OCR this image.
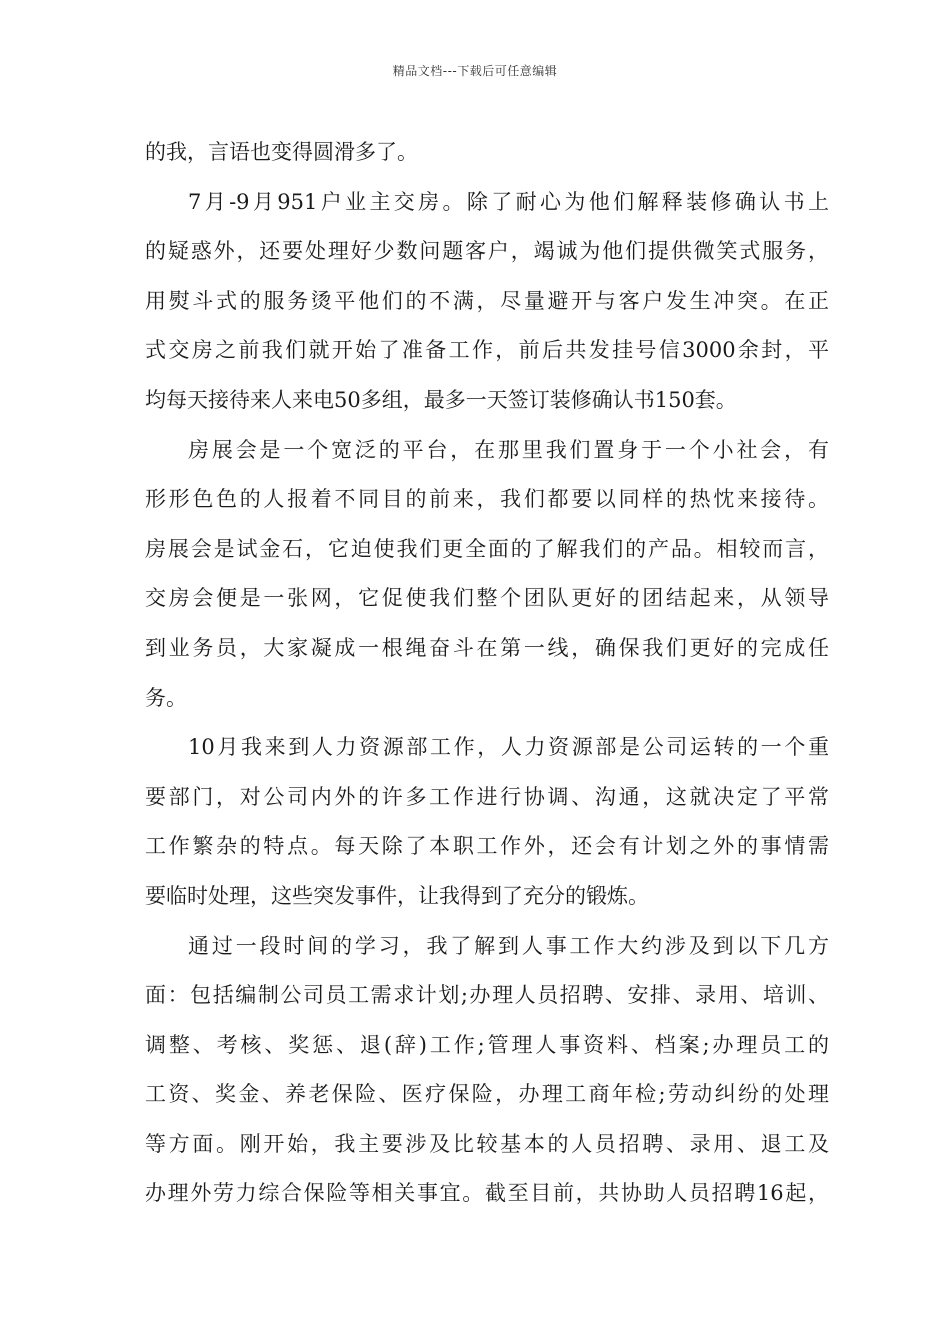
精品文档---下载后可任意编辑
的我，言语也变得圆滑多了。
7月-9月951户业主交房。除了耐心为他们解释装修确认书上
的疑惑外，还要处理好少数问题客户，竭诚为他们提供微笑式服务，
用熨斗式的服务烫平他们的不满，尽量避开与客户发生冲突。在正
式交房之前我们就开始了准备工作，前后共发挂号信3000余封，平
均每天接待来人来电50多组，最多一天签订装修确认书150套。
房展会是一个宽泛的平台，在那里我们置身于一个小社会，有
形形色色的人报着不同目的前来，我们都要以同样的热忱来接待。
房展会是试金石，它迫使我们更全面的了解我们的产品。相较而言，
交房会便是一张网，它促使我们整个团队更好的团结起来，从领导
到业务员，大家凝成一根绳奋斗在第一线，确保我们更好的完成任
务。
10月我来到人力资源部工作，人力资源部是公司运转的一个重
要部门，对公司内外的许多工作进行协调、沟通，这就决定了平常
工作繁杂的特点。每天除了本职工作外，还会有计划之外的事情需
要临时处理，这些突发事件，让我得到了充分的锻炼。
通过一段时间的学习，我了解到人事工作大约涉及到以下几方
面：包括编制公司员工需求计划;办理人员招聘、安排、录用、培训、
调整、考核、奖惩、退(辞)工作;管理人事资料、档案;办理员工的
工资、奖金、养老保险、医疗保险，办理工商年检;劳动纠纷的处理
等方面。刚开始，我主要涉及比较基本的人员招聘、录用、退工及
办理外劳力综合保险等相关事宜。截至目前，共协助人员招聘16起，
